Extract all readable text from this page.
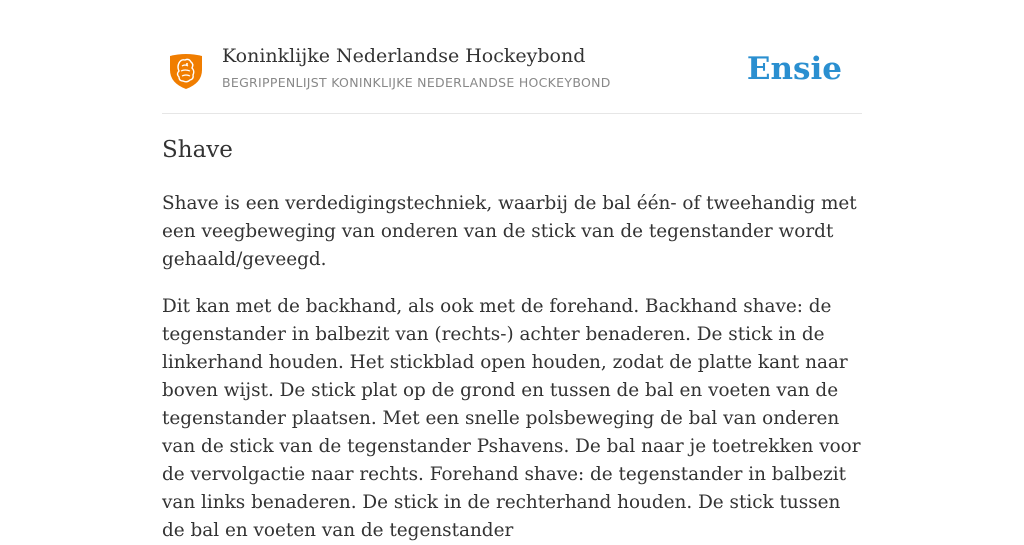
Koninklijke Nederlandse Hockeybond
BEGRIPPENLIJST KONINKLIJKE NEDERLANDSE HOCKEYBOND	Ensie
Shave

Shave is een verdedigingstechniek, waarbij de bal één- of tweehandig met een veegbeweging van onderen van de stick van de tegenstander wordt gehaald/geveegd.

Dit kan met de backhand, als ook met de forehand. Backhand shave: de tegenstander in balbezit van (rechts-) achter benaderen. De stick in de linkerhand houden. Het stickblad open houden, zodat de platte kant naar boven wijst. De stick plat op de grond en tussen de bal en voeten van de tegenstander plaatsen. Met een snelle polsbeweging de bal van onderen van de stick van de tegenstander Pshavens. De bal naar je toetrekken voor de vervolgactie naar rechts. Forehand shave: de tegenstander in balbezit van links benaderen. De stick in de rechterhand houden. De stick tussen de bal en voeten van de tegenstander
